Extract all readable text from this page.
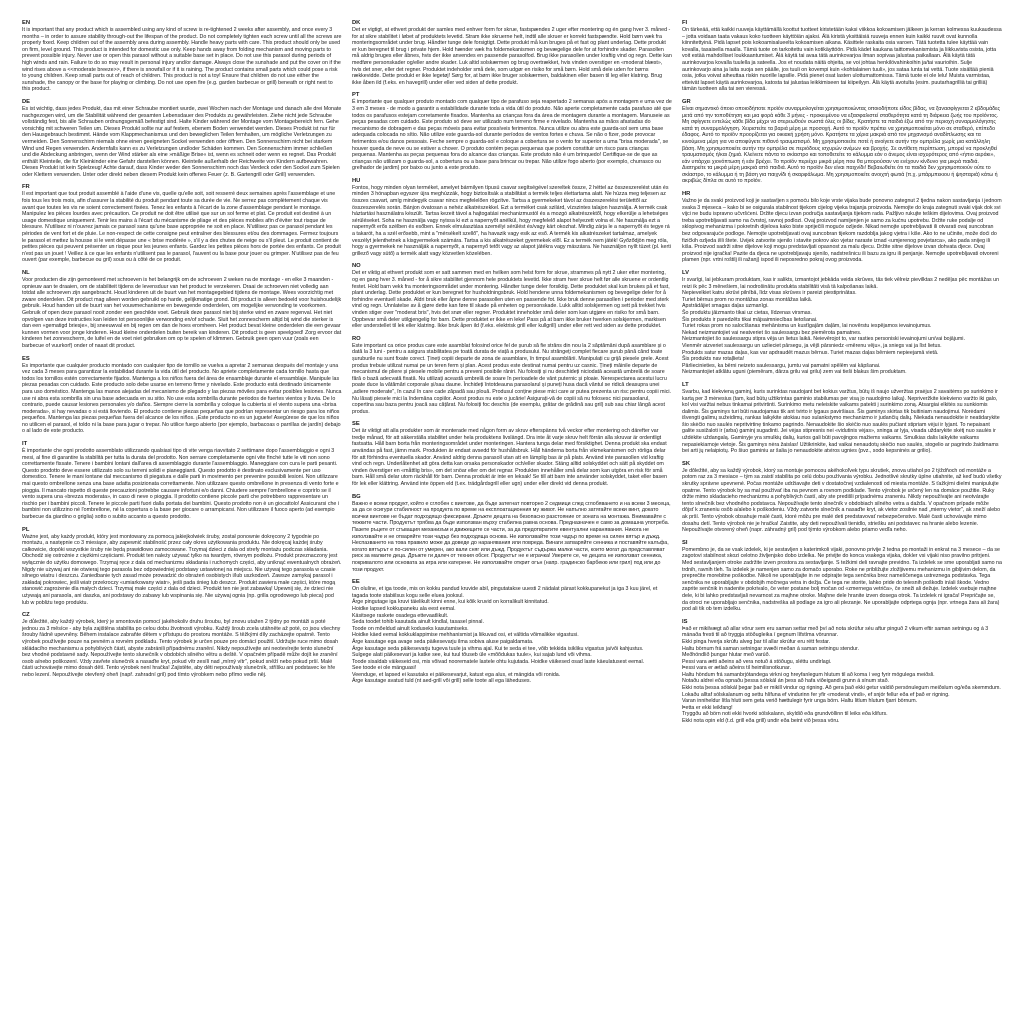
EN
It is important that any product which is assembled using any kind of screw is re-tightened 2 weeks after assembly, and once every 3 months – in order to assure stability through-out the lifespan of the product. Do not completely tighten each screw until all the screws are properly fixed. Keep children out of the assembly area during assembly. Handle heavy parts with care. This product should only be used on firm, level ground. This product is intended for domestic use only. Keep hands away from folding mechanism and moving parts to prevent possible injury. Never use or open this parasol without a suitable base set in place. Do not use this parasol during periods of high winds and rain. Failure to do so may result in personal injury and/or damage. Always close the sunshade and put the cover on if the wind rises above a <<moderate breeze>>, if there is snowfall or if it is raining. The product contains small parts which could pose a risk to young children. Keep small parts out of reach of children. This product is not a toy! Ensure that children do not use either the sunshade, the canopy or the base for playing or climbing. Do not use open fire (e.g. garden barbecue or grill) beneath or right next to this product.
DE
Es ist wichtig, dass jedes Produkt, das mit einer Schraube montiert wurde, zwei Wochen nach der Montage und danach alle drei Monate nachgezogen wird, um die Stabilität während der gesamten Lebensdauer des Produkts zu gewährleisten. Ziehe nicht jede Schraube vollständig fest, bis alle Schrauben ordnungsgemäß befestigt sind. Halte Kinder während der Montage vom Montagebereich fern. Gehe vorsichtig mit schweren Teilen um. Dieses Produkt sollte nur auf festem, ebenem Boden verwendet werden. Dieses Produkt ist nur für den Hausgebrauch bestimmt. Hände vom Klappmechanismus und den beweglichen Teilen fernhalten, um mögliche Verletzungen zu vermeiden. Den Sonnenschirm niemals ohne einen geeigneten Sockel verwenden oder öffnen. Den Sonnenschirm nicht bei starkem Wind und Regen verwenden. Andernfalls kann es zu Verletzungen und/oder Schäden kommen. Den Sonnenschirm immer schließen und die Abdeckung anbringen, wenn der Wind stärker als eine »mäßige Brise« ist, wenn es schneit oder wenn es regnet. Das Produkt enthält Kleinteile, die für Kleinkinder eine Gefahr darstellen können. Kleinteile außerhalb der Reichweite von Kindern aufbewahren. Dieses Produkt ist kein Spielzeug! Achte darauf, dass Kinder weder den Sonnenschirm noch das Verdeck oder den Sockel zum Spielen oder Klettern verwenden. Unter oder direkt neben diesem Produkt kein offenes Feuer (z. B. Gartengrill oder Grill) verwenden.
FR
Il est important que tout produit assemblé à l'aide d'une vis, quelle qu'elle soit, soit resserré deux semaines après l'assemblage et une fois tous les trois mois, afin d'assurer la stabilité du produit pendant toute sa durée de vie. Ne serrez pas complètement chaque vis avant que toutes les vis ne soient correctement fixées. Tenez les enfants à l'écart de la zone d'assemblage pendant le montage. Manipulez les pièces lourdes avec précaution. Ce produit ne doit être utilisé que sur un sol ferme et plat. Ce produit est destiné à un usage domestique uniquement. Tenir les mains à l'écart du mécanisme de pliage et des pièces mobiles afin d'éviter tout risque de blessure. N'utilisez ni n'ouvrez jamais ce parasol sans qu'une base appropriée ne soit en place. N'utilisez pas ce parasol pendant les périodes de vent fort et de pluie. Le non-respect de cette consigne peut entraîner des blessures et/ou des dommages. Fermez toujours le parasol et mettez la housse si le vent dépasse une « brise modérée », s'il y a des chutes de neige ou s'il pleut. Le produit contient de petites pièces qui peuvent présenter un risque pour les jeunes enfants. Gardez les petites pièces hors de portée des enfants. Ce produit n'est pas un jouet ! Veillez à ce que les enfants n'utilisent pas le parasol, l'auvent ou la base pour jouer ou grimper. N'utilisez pas de feu ouvert (par exemple, barbecue ou gril) sous ou à côté de ce produit.
NL
Voor producten die zijn gemonteerd met schroeven is het belangrijk om de schroeven 2 weken na de montage - en elke 3 maanden - opnieuw aan te draaien, om de stabiliteit tijdens de levensduur van het product te verzekeren. Draai de schroeven niet volledig aan totdat alle schroeven zijn aangebracht. Houd kinderen uit de buurt van het montagegebied tijdens de montage. Wees voorzichtig met zware onderdelen. Dit product mag alleen worden gebruikt op harde, gelijkmatige grond. Dit product is alleen bedoeld voor huishoudelijk gebruik. Houd handen uit de buurt van het vouwmechanisme en bewegende onderdelen, om mogelijke verwonding te voorkomen. Gebruik of open deze parasol nooit zonder een geschikte voet. Gebruik deze parasol niet bij sterke wind en zware regenval. Het niet opvolgen van deze instructies kan leiden tot persoonlijke verwonding en/of schade. Sluit het zonnescherm altijd bij wind die sterker is dan een «gematigd briesje», bij sneeuwval en bij regen om dan de hoes eromheen. Het product bevat kleine onderdelen die een gevaar kunnen vormen voor jonge kinderen. Houd kleine onderdelen buiten bereik van kinderen. Dit product is geen speelgoed! Zorg ervoor dat kinderen het zonnescherm, de luifel en de voet niet gebruiken om op te spelen of klimmen. Gebruik geen open vuur (zoals een barbecue of vuurkorf) onder of naast dit product.
ES
Es importante que cualquier producto montado con cualquier tipo de tornillo se vuelva a apretar 2 semanas después del montaje y una vez cada 3 meses para garantizar la estabilidad durante la vida útil del producto. No apriete completamente cada tornillo hasta que todos los tornillos estén correctamente fijados. Mantenga a los niños fuera del área de ensamblaje durante el ensamblaje. Manipule las piezas pesadas con cuidado. Este producto solo debe usarse en terreno firme y nivelado. Este producto está destinado únicamente para uso doméstico. Mantenga las manos alejadas del mecanismo de plegado y las piezas móviles para evitar posibles lesiones. Nunca use ni abra esta sombrilla sin una base adecuada en su sitio. No use esta sombrilla durante periodos de fuertes vientos y lluvia. De lo contrario, puede causar lesiones personales y/o daños. Siempre cierre la sombrilla y coloque la cubierta si el viento supera una «brisa moderada», si hay nevadas o si está lloviendo. El producto contiene piezas pequeñas que podrían representar un riesgo para los niños pequeños. Mantenga las piezas pequeñas fuera del alcance de los niños. ¡Este producto no es un juguete! Asegúrese de que los niños no utilicen el parasol, el toldo ni la base para jugar o trepar. No utilice fuego abierto (por ejemplo, barbacoas o parrillas de jardín) debajo o al lado de este producto.
IT
È importante che ogni prodotto assemblato utilizzando qualsiasi tipo di vite venga riavvitato 2 settimane dopo l'assemblaggio e ogni 3 mesi, al fine di garantire la stabilità per tutta la durata del prodotto. Non serrare completamente ogni vite finché tutte le viti non sono correttamente fissate. Tenere i bambini lontani dall'area di assemblaggio durante l'assemblaggio. Maneggiare con cura le parti pesanti. Questo prodotto deve essere utilizzato solo su terreni solidi e pianeggianti. Questo prodotto è destinato esclusivamente per uso domestico. Tenere le mani lontane dal meccanismo di piegatura e dalle parti in movimento per prevenire possibili lesioni. Non utilizzare mai questo ombrellone senza una base adatta posizionata correttamente. Non utilizzare questo ombrellone in presenza di vento forte e pioggia. Il mancato rispetto di queste precauzioni potrebbe causare infortuni e/o danni. Chiudere sempre l'ombrellone e coprirlo se il vento supera una «brezza moderata», in caso di neve o pioggia. Il prodotto contiene piccole parti che potrebbero rappresentare un rischio per i bambini piccoli. Tenere le piccole parti fuori dalla portata dei bambini. Questo prodotto non è un giocattolo! Assicurarsi che i bambini non utilizzino né l'ombrellone, né la copertura o la base per giocare o arrampicarsi. Non utilizzare il fuoco aperto (ad esempio barbecue da giardino o griglia) sotto o subito accanto a questo prodotto.
PL
Ważne jest, aby każdy produkt, który jest montowany za pomocą jakiejkolwiek śruby, został ponownie dokręcony 2 tygodnie po montażu, a następnie co 3 miesiące, aby zapewnić stabilność przez cały okres użytkowania produktu. Nie dokręcaj każdej śruby całkowicie, dopóki wszystkie śruby nie będą prawidłowo zamocowane. Trzymaj dzieci z dala od strefy montażu podczas składania. Obchodź się ostrożnie z ciężkimi częściami. Produkt ten należy używać tylko na twardym, równym podłożu. Produkt przeznaczony jest wyłącznie do użytku domowego. Trzymaj ręce z dala od mechanizmu składania i ruchomych części, aby uniknąć ewentualnych obrażeń. Nigdy nie używaj ani nie otwieraj tego parasola bez odpowiedniej podstawy ustawionej na miejscu. Nie używaj tego parasola w czasie silnego wiatru i deszczu. Zaniedbanie tych zasad może prowadzić do obrażeń osobistych i/lub uszkodzeń. Zawsze zamykaj parasol i zakładaj pokrowiec, jeśli wiatr przekroczy «umiarkowany wiatr», jeśli pada śnieg lub deszcz. Produkt zawiera małe części, które mogą stanowić zagrożenie dla małych dzieci. Trzymaj małe części z dala od dzieci. Produkt ten nie jest zabawką! Upewnij się, że dzieci nie używają ani parasola, ani daszka, ani podstawy do zabawy lub wspinania się. Nie używaj ognia (np. grilla ogrodowego lub pieca) pod lub w pobliżu tego produktu.
CZ
Je důležité, aby každý výrobek, který je smontován pomocí jakéhokoliv druhu šroubu, byl znovu utažen 2 týdny po montáži a poté jednou za 3 měsíce - aby byla zajištěna stabilita po celou dobu životnosti výrobku. Každý šroub zcela utáhněte až poté, co jsou všechny šrouby řádně upevněny. Během instalace zabraňte dětem v přístupu do prostoru montáže. S těžkými díly zacházejte opatrně. Tento výrobek používejte pouze na pevném a rovném podkladu. Tento výrobek je určen pouze pro domácí použití. Udržujte ruce mimo dosah skládacího mechanismu a pohyblivých částí, abyste zabránili případnému zranění. Nikdy nepoužívejte ani neotevírejte tento sluneční bez vhodné podstavné sady. Nepoužívejte tento slunečník v obdobích silného větru a deště. V opačném případě může dojít ke zranění osob a/nebo poškození. Vždy zavřete slunečník a nasaďte kryt, pokud vítr zesílí nad „mírný vítr", pokud sněží nebo pokud prší. Malé části uchovávejte mimo dosah dětí. Tento výrobek není hračka! Zajistěte, aby děti nepoužívaly slunečník, stříšku ani podstavec ke hře nebo lezení. Nepoužívejte otevřený oheň (např. zahradní gril) pod tímto výrobkem nebo přímo vedle něj.
DK
Det er vigtigt, at ethvert produkt der samles med enhver form for skrue, fastspændes 2 uger efter montering og én gang hver 3. måned - for at sikre stabilitet i løbet af produktets levetid. Stram ikke skruerne helt, indtil alle skruer er korrekt fastspændte. Hold børn væk fra monteringsområdet under brug. Håndter tunge dele forsigtigt. Dette produkt må kun bruges på et fast og plant underlag. Dette produkt er kun beregnet til brug i private hjem. Hold hænder væk fra foldemekanismen og bevægelige dele for at forhindre skader. Parasollen må aldrig bruges eller åbnes, hvis der ikke anvendes en passende parasolfod. Brug ikke parasollen under kraftig vind og regn. Dette kan medføre personskader og/eller andre skader. Luk altid solskærmen og brug overtrækket, hvis vinden overstiger en «moderat blæst», hvis det sner, eller det regner. Produktet indeholder små dele, som udgør en risiko for små børn. Hold små dele uden for børns rækkevidde. Dette produkt er ikke legetøj! Sørg for, at børn ikke bruger solskærmen, baldakinen eller basen til leg eller klatring. Brug ikke åben ild (f.eks. en havegrill) under eller ved siden af dette produkt.
PT
É importante que qualquer produto montado com qualquer tipo de parafuso seja reapertado 2 semanas após a montagem e uma vez de 3 em 3 meses - de modo a garantir a estabilidade durante toda a vida útil do produto. Não aperte completamente cada parafuso até que todos os parafusos estejam corretamente fixados. Mantenha as crianças fora da área de montagem durante a montagem. Manuseie as peças pesadas com cuidado. Este produto só deve ser utilizado num terreno firme e nivelado. Mantenha as mãos afastadas do mecanismo de dobragem e das peças móveis para evitar possíveis ferimentos. Nunca utilize ou abra este guarda-sol sem uma base adequada colocada no sítio. Não utilize este guarda-sol durante períodos de ventos fortes e chuva. Se não o fizer, pode provocar ferimentos e/ou danos pessoais. Feche sempre o guarda-sol e coloque a cobertura se o vento for superior a uma "brisa moderada", se houver queda de neve ou se estiver a chover. O produto contém peças pequenas que podem constituir um risco para crianças pequenas. Mantenha as peças pequenas fora do alcance das crianças. Este produto não é um brinquedo! Certifique-se de que as crianças não utilizam o guarda-sol, a cobertura ou a base para brincar ou trepar. Não utilize fogo aberto (por exemplo, churrasco ou grelhador de jardim) por baixo ou junto a este produto.
HU
Fontos, hogy minden olyan terméket, amelyet bármilyen típusú csavar segítségével szereltek össze, 2 héttel az összeszerelést után és minden 3 hónapban egyszer újra meghúzzák, hogy biztosítsák a stabilitást a termék teljes élettartama alatt. Ne húzza meg teljesen az összes csavart, amíg mindegyik csavar nincs megfelelően rögzítve. Tartsa a gyermekeket távol az összeszerelési területtől az összeszerelés során. Bánjon óvatosan a nehéz alkatrészekkel. Ezt a terméket csak szilárd, vízszintes talajon használja. A termék csak háztartási használatra készült. Tartsa kezeit távol a hajtogatási mechanizmustól és a mozgó alkatrészektől, hogy elkerülje a lehetséges sérüléseket. Soha ne használja vagy nyissa ki ezt a napernyőt anélkül, hogy megfelelő alapot helyezett volna el. Ne használja ezt a napernyőt erős szélben és esőben. Ennek elmulasztása személyi sérülést és/vagy kárt okozhat. Mindig zárja le a napernyőt és tegye rá a takarót, ha a szél erősebb, mint a "mérsékelt szellő", ha havazik vagy esik az eső. A termék kis alkatrészeket tartalmaz, amelyek veszélyt jelenthetnek a kisgyermekek számára. Tartsa a kis alkatrészeket gyermekek elől. Ez a termék nem játék! Győződjön meg róla, hogy a gyermekek ne használják a napernyőt, a napernyő tetőt vagy az alapot játékra vagy mászásra. Ne használjon nyílt tüzet (pl. kerti grillező vagy sütő) a termék alatt vagy közvetlen közelében.
NO
Det er viktig at ethvert produkt som er satt sammen med en hvilken som helst form for skrue, strammes på nytt 2 uker etter montering, og en gang hver 3. måned - for å sikre stabilitet gjennom hele produktets levetid. Ikke stram hver skrue helt før alle skruene er ordentlig festet. Hold barn vekk fra monteringsområdet under montering. Håndter tunge deler forsiktig. Dette produktet skal kun brukes på et fast, plant underlag. Dette produktet er kun beregnet for husholdningsbruk. Hold hendene unna foldemekanismen og bevegelige deler for å forhindre eventuell skade. Aldri bruk eller åpne denne parasollen uten en passende fot. Ikke bruk denne parasollen i perioder med sterk vind og regn. Unnlatelse av å gjøre dette kan føre til skade på enheten og personskade. Lukk alltid solskjermen og sett på trekket hvis vinden stiger over "moderat bris", hvis det snør eller regner. Produktet inneholder små deler som kan utgjøre en risiko for små barn. Oppbevar små deler utilgjengelig for barn. Dette produktet er ikke en leke! Pass på at barn ikke bruker hverken solskjermen, markisen eller understellet til lek eller klatring. Ikke bruk åpen ild (f.eks. elektrisk grill eller kullgrill) under eller rett ved siden av dette produktet.
RO
Este important ca orice produs care este asamblat folosind orice fel de șurub să fie strâns din nou la 2 săptămâni după asamblare și o dată la 3 luni - pentru a asigura stabilitatea pe toată durata de viață a produsului. Nu strângeți complet fiecare șurub până când toate șuruburile nu sunt fixate corect. Țineți copiii departe de zona de asamblare, în timpul asamblării. Manipulați cu grijă piesele grele. Acest produs trebuie utilizat numai pe un teren ferm și plan. Acest produs este destinat numai pentru uz casnic. Țineți mâinile departe de mecanismul de pliere și piesele mobile pentru a preveni posibile răniri. Nu folosiți și nu deschideți niciodată această umbrelă de soare fără o bază adecvată fixată. Nu utilizați această umbrelă de soare în perioadele de vânt puternic și ploaie. Nerespectarea acestui lucru poate duce la vătămări corporale și/sau daune. Închideți întotdeauna parasolarul și puneți husa dacă vântul se ridică deasupra unei „adiere moderate", în cazul în care cade zăpadă sau plouă. Produsul conține piese mici care ar putea prezenta un risc pentru copiii mici. Nu lăsați piesele mici la îndemâna copiilor. Acest produs nu este o jucărie! Asigurați-vă de copiii să nu folosesc nici parasolarul, copertina sau baza pentru joacă sau cățărat. Nu folosiți foc deschis (de exemplu, grătar de grădină sau gril) sub sau chiar lângă acest produs.
SE
Det är viktigt att alla produkter som är monterade med någon form av skruv efterspänns två veckor efter montering och därefter var tredje månad, för att säkerställa stabilitet under hela produktens livslängd. Dra inte åt varje skruv helt förrän alla skruvar är ordentligt fastsatta. Håll barn borta från monteringsområdet under monteringen. Hantera tunga delar med försiktighet. Denna produkt ska endast användas på fast, jämn mark. Produkten är endast avsedd för hushållsbruk. Håll händerna borta från vikmekanismen och rörliga delar för att förhindra eventuella skador. Använd aldrig denna parasoll utan att en lämplig bas är på plats. Använd inte parasollen vid kraftig vind och regn. Underlåtenhet att göra detta kan orsaka personskador och/eller skador. Stäng alltid solskyddet och sätt på skyddet om vinden överstiger en «måttlig bris», om det snöar eller om det regnar. Produkten innehåller små delar som kan utgöra en risk för små barn. Håll små delar utom räckhåll för barn. Denna produkt är inte en leksak! Se till att barn inte använder solskyddet, taket eller basen för lek eller klättring. Använd inte öppen eld (t.ex. trädgårdsgrill eller ugn) under eller direkt vid denna produkt.
BG
Важно е всеки продукт, който е сглобен с винтове, да бъде затегнат повторно 2 седмици след сглобяването и на всеки 3 месеца, за да се осигури стабилност на продукта по време на експлоатационния му живот. Не напълно затягайте всеки винт, докато всички винтове не бъдат подходящо фиксирани. Дръжте децата на безопасно разстояние от зоната на монтажа. Внимавайте с тежките части. Продуктът трябва да бъде използван върху стабилна равна основа. Предназначен е само за домашна употреба. Пазете ръцете от сгъващия механизъм и движещите се части, за да предотвратите евентуални наранявания. Никога не използвайте и не отваряйте този чадър без подходяща основа. Не използвайте този чадър по време на силен вятър и дъжд. Неспазването на това правило може да доведе до наранявания или повреда. Винаги затваряйте сенника и поставяйте калъфа, когато вятърът е по-силен от умерен, ако вали сняг или дъжд. Продуктът съдържа малки части, които могат да представляват риск за малките деца. Дръжте ги далеч от техния обсег. Продуктът не е играчка! Уверете се, че децата не използват сенника, покривалото или основата за игра или катерене. Не използвайте открит огън (напр. градинско барбекю или грил) под или до този продукт.
EE
On oluline, et iga toode, mis on kokku pandud kruvide abil, pingutatakse uuesti 2 nädalat pärast kokkupanekut ja iga 3 kuu järel, et tagada toote stabiilsus kogu selle eluea jooksul.
Ärge pingutage iga kruvi täielikult kinni enne, kui kõik kruvid on korralikult kinnitatud.
Hoidke lapsed kokkupaneku ala eest eemal.
Käsitsege raskete osadega ettevaatlikult.
Seda toodet tohib kasutada ainult kindlal, tasasel pinnal.
Toode on mõeldud ainult koduseks kasutamiseks.
Hoidke käed eemal kokkuklappimise mehhanismist ja liikuvad osi, et vältida võimalikke vigastusi.
Ärge kasutage ega avage seda päikesevarju ilma sobiva aluse paigaldamata.
Ärge kasutage seda päikesevarju tugeva tuule ja vihma ajal. Kui te seda ei tee, võib tekkida isikliku vigastus ja/või kahjustus.
Sulgege alati päikesevari ja katke see, kui tuul tõuseb üle «mõõdukas tuule», kui sajab lund või vihma.
Toode sisaldab väikeseid osi, mis võivad noorematele lastele ohtu kujutada. Hoidke väikesed osad laste käeulatusest eemal.
See toode ei ole mänguasi!
Veenduge, et lapsed ei kasutaks ei päikesevarjut, katust ega alus, et mängida või ronida.
Ärge kasutage avatud tuld (nt aed-grill või grill) selle toote all ega läheduses.
FI
On tärkeää, että kaikki ruuveja käyttämällä koottut tuotteet kiristetään kaksi viikkoa kokoamisen jälkeen ja kerran kolmessa kuukaudessa – jotta voidaan taata vakaus koko tuotteen käyttöiän ajaksi. Älä kiristä yksittäisiä ruuveja ennen kuin kaikki ruuvit ovat kunnolla kiinnitettyinä. Pidä lapset pois kokoamisalueelta kokoamisen aikana. Käsittele raskaita osia varoen. Tätä tuotetta tulee käyttää vain kovalla, tasaisella maalla. Tämä tuote on tarkoitettu vain kotikäyttöön. Pidä kädet kaukana taittomekanismista ja liikkuvista osista, jotta voit estää mahdolliset loukkaantumiset. Älä käytä tai avaa tätä aurinkovarjoa ilman sopivaa jalustaa paikallaan. Älä käytä tätä aurinkovarjoa kovalla tuulella ja sateella. Jos et noudata näitä ohjeita, se voi johtaa henkilövahinkoihin ja/tai vaurioihin. Sulje aurinkovarjo aina ja laita suoja sen päälle, jos tuuli on kovempi kuin «kohtalainen tuuli», jos sataa lunta tai vettä. Tuote sisältää pieniä osia, jotka voivat aiheuttaa riskin nuorille lapsille. Pidä pienet osat lasten ulottumattomissa. Tämä tuote ei ole lelu! Muista varmistaa, etteivät lapset käytä aurinkovarjoa, katosta tai jalustaa leikkimiseen tai kiipeilyyn. Älä käytä avotulta (esim. puutarhagrilliä tai grilliä) tämän tuotteen alla tai sen vieressä.
GR
Είναι σημαντικό όποιο οποιοδήποτε προϊόν συναρμολογείται χρησιμοποιώντας οποιοδήποτε είδος βίδας, να ξανασφίγγεται 2 εβδομάδες μετά από την τοποθέτηση και μια φορά κάθε 3 μήνες - προκειμένου να εξασφαλιστεί σταθερότητα κατά τη διάρκεια ζωής του προϊόντος. Μη σφίγγετε εντελώς κάθε βίδα μέχρι να στερεωθούν σωστά όλες οι βίδες. Κρατήστε τα παιδιά έξω από την περιοχή συναρμολόγησης κατά τη συναρμολόγηση. Χειριστείτε τα βαριά μέρη με προσοχή. Αυτό το προϊόν πρέπει να χρησιμοποιείται μόνο σε σταθερό, επίπεδο έδαφος. Αυτό το προϊόν προορίζεται για οικιακή χρήση μόνο. Κρατήστε τα χέρια μακριά από τον μηχανισμό αναδίπλωσης και τα κινούμενα μέρη για να αποφύγετε πιθανό τραυματισμό. Μη χρησιμοποιείτε ποτέ ή ανοίγετε αυτήν την ομπρέλα χωρίς μια κατάλληλη βάση. Μη χρησιμοποιείτε αυτήν την ομπρέλα σε περιόδους ισχυρών ανέμων και βροχής. Σε αντίθετη περίπτωση, μπορεί να προκληθεί τραυματισμός ή/και ζημιά. Κλείνετε πάντα το σκίαστρο και τοποθετείτε το κάλυμμα εάν ο άνεμος είναι ισχυρότερος από «ήπιο αεράκι», εάν υπάρχει χιονόπτωση ή εάν βρέχει. Το προϊόν περιέχει μικρά μέρη που θα μπορούσαν να ενέχουν κίνδυνο για μικρά παιδιά. Διατηρείτε τα μικρά μέρη μακριά από παιδιά. Αυτό το προϊόν δεν είναι παιχνίδι! Βεβαιωθείτε ότι τα παιδιά δεν χρησιμοποιούν ούτε το σκίαστρο, το κάλυμμα ή τη βάση για παιχνίδι ή σκαρφάλωμα. Μη χρησιμοποιείτε ανοιχτή φωτιά (π.χ. μπάρμπεκιου ή ψησταριά) κάτω ή ακριβώς δίπλα σε αυτό το προϊόν.
HR
Važno je da svaki proizvod koji je sastavljen s pomoću bilo koje vrste vijaka bude ponovno zategnut 2 tjedna nakon sastavljanja i jednom svaka 3 mjeseca – kako bi se osigurala stabilnost tijekom cijelog vijeka trajanja proizvoda. Nemojte do kraja zategnuti svaki vijak dok svi vijci ne budu ispravno učvršćeni. Držite djecu izvan područja sastavljanja tijekom rada. Pažljivo rukujte teškim dijelovima. Ovaj proizvod treba upotrebljavati samo na čvrstoj, ravnoj podlozi. Ovaj proizvod namijenjen je samo za kućnu upotrebu. Držite ruke podalje od sklopivog mehanizma i pokretnih dijelova kako biste spriječili moguće ozljede. Nikad nemojte upotrebljavati ili otvarati ovaj suncobran bez odgovarajuće podloge. Nemojte upotrebljavati ovaj suncobran tijekom razdoblja jakog vjetra i kiše. Ako to ne učinite, može doći do fizičkih ozljeda i/ili štete. Uvijek zatvorite sjenilo i stavite pokrov ako vjetar naraste iznad «umjerenog povjetarca», ako pada snijeg ili kiša. Proizvod sadrži sitne dijelove koji mogu predstavljati opasnost za malu djecu. Držite sitne dijelove izvan dohvata djece. Ovaj proizvod nije igračka! Pazite da djeca ne upotrebljavaju sjenilo, nadstrešnicu ili bazu za igru ili penjanje. Nemojte upotrebljavati otvoreni plamen (npr. vrtni roštilj ili ražanj) ispod ili neposredno pokraj ovog proizvoda.
LV
Ir svarīgi, lai jebkuram produktam, kas ir salikts, izmantojot jebkāda veida skrūves, tās tiek vēlreiz pievilktas 2 nedēļas pēc montāžas un reizi ik pēc 3 mēnešiem, lai nodrošinātu produkta stabilitāti visā tā kalpošanas laikā.
Nepievelkiet katru skrūvi pilnībā, līdz visas skrūves ir pareizi piestiprinātas.
Turiet bērnus prom no montāžas zonas montāžas laikā.
Apstrādājiet smagas daļas uzmanīgi.
Šo produktu jāizmanto tikai uz cietas, līdzenas virsmas.
Šis produkts ir paredzēts tikai mājsaimniecības lietošanai.
Turiet rokas prom no salocīšanas mehānisma un kustīgajām daļām, lai novērstu iespējamos ievainojumus.
Nekad neizmantojiet vai neatveriet šo saulessargu bez piemērota pamatnes.
Neizmantojiet šo saulessargu stipra vēja un lietus laikā. Neievērojot to, var rasties personiski ievainojumi un/vai bojājumi.
Vienmēr aizveriet saulessargu un uzlieciet pārsegu, ja vējš pārsniedz «mērenu vēju», ja sniegs vai ja līst lietus.
Produkts satur mazas daļas, kas var apdraudēt mazus bērnus. Turiet mazas daļas bērniem nepieejamā vietā.
Šis produkts nav rotaļlieta!
Pārliecinieties, ka bērni neizeto saulessargu, jumtu vai pamatni spēlēm vai kāpšanai.
Neizmantojiet atklātu uguni (piemēram, dārza grilu vai grilu) zem vai tieši blakus šim produktam.
LT
Svarbu, kad kiekvieną gaminį, kuris surinktas naudojant bet kokius varžtus, būtų iš naujo užveržtas praėjus 2 savaitėms po surinkimo ir kartą per 3 mėnesius (tam, kad būtų užtikrintas gaminio stabilumas per visą jo naudojimo laiką). Nepriveržkite kiekvieno varžto iki galo, kol visi varžtai nebus tinkamai pritvirtinti. Surinkimo metu neleiskite vaikams patekti į surinkimo zoną. Atsargiai elkitės su sunkiomis dalimis. Šis gaminys turi būti naudojamas tik ant tvirto ir lygaus paviršiaus. Šis gaminys skirtas tik buitiniam naudojimui. Norėdami išvengti galimų sužeidimų, rankas laikykite atokiau nuo sulankstymo mechanizmo ir judančių dalių. Niekada nenaudokite ir neatidarykite šio skėčio nuo saulės nepritvirtinę tinkamo pagrindo. Nenaudokite šio skėčio nuo saulės pučiant stipriam vėjui ir lyjant. To nepaisant galite susižaloti ir (arba) gaminį sugadinti. Jei vėjas stipresnis nei «vidutinis vėjas», sninga ar lyja, visada uždarykite skėtį nuo saulės ir uždėkite uždangalą. Gaminyje yra smulkių dalių, kurios gali būti pavojingos mažiems vaikams. Smulkias dalis laikykite vaikams nepasiekiamoje vietoje. Šis gaminys nėra žaislas! Užtikrinkite, kad vaikai nenaudotų skėčio nuo saulės, stogelio ar pagrindo žaidimams bei arti jų nelaipiotų. Po šiuo gaminiu ar šalia jo nenaudokite atviros ugnies (pvz., sodo kepsninės ar grilio).
SK
Je dôležité, aby sa každý výrobok, ktorý sa montuje pomocou akéhokoľvek typu skrutiek, znova utiahol po 2 týždňoch od montáže a potom raz za 3 mesiace – tým sa zaistí stabilita po celú dobu používania výrobku. Jednotlivé skrutky úplne utiahnite, až keď budú všetky skrutky správne upevnené. Počas montáže udržiavajte deti v dostatočnej vzdialenosti od miesta montáže. S ťažkými dielmi manipulujte opatrne. Tento výrobok by sa mal používať iba na pevnom a rovnom podklade. Tento výrobok je určený len na domáce použitie. Ruky držte mimo skladacieho mechanizmu a pohyblivých častí, aby ste predišli prípadnému zraneniu. Nikdy nepoužívajte ani neotvárajte tento slnečník bez vhodného podstavca. Nepoužívajte tento slnečník v obdobiach silného vetra a dažďa. V opačnom prípade môže dôjsť k zraneniu osôb a/alebo k poškodeniu. Vždy zatvorte slnečník a nasaďte kryt, ak vietor zosilnie nad „mierny vietor", ak sneží alebo ak prší. Tento výrobok obsahuje malé časti, ktoré môžu pre malé deti predstavovať nebezpečenstvo. Malé časti uchovávajte mimo dosahu detí. Tento výrobok nie je hračka! Zaistite, aby deti nepoužívali tienidlo, striešku ani podstavec na hranie alebo lezenie. Nepoužívajte otvorený oheň (napr. záhradný gril) pod týmto výrobkom alebo priamo vedľa neho.
SI
Pomembno je, da se vsak izdelek, ki je sestavljen s katerimkoli vijaki, ponovno privije 2 tedna po montaži in enkrat na 3 mesece – da se zagotovi stabilnost skozi celotno življenjsko dobo izdelka. Ne privijte do konca vsakega vijaka, dokler vsi vijaki niso pravilno pritrjeni. Med sestavljanjem otroke zadržite izven prostora za sestavljanje. S težkimi deli ravnajte previdno. Ta izdelek se sme uporabljati samo na trdnih, ravnih tleh. Ta izdelek je namenjen samo za domačo uporabo. Roke ne približujte zložljivemu mehanizmu in gibljivim delom, da preprečite morebitne poškodbe. Nikoli ne uporabljajte in ne odpirajte tega senčnika brez nameščenega ustreznega podstavka. Tega senčnika ne uporabljajte v obdobjih močnega vetra in dežja. Če tega ne storite, lahko pride do telesnih poškodb in/ali škode. Vedno zaprite senčnik in nadenite pokrivalo, če veter postane bolj močan od «zmernega vetriča», če sneži ali dežuje. Izdelek vsebuje majhne dele, ki bi lahko predstavljali nevarnost za majhne otroke. Majhne dele hranite izven dosega otrok. Ta izdelek ni igrača! Prepričajte se, da otroci ne uporabljajo senčnika, nadstreška ali podlage za igro ali plezanje. Ne uporabljajte odprtega ognja (npr. vrtnega žara ali žara) pod ali tik ob tem izdelku.
IS
Það er mikilvægt að allar vörur sem eru saman settar með því að nota skrúfur séu aftur pinguð 2 vikum eftir saman setningu og á 3 mánaða fresti til að tryggja stöðugleika í gegnum lífstíma vörunnar.
Ekki pinga hverja skrúfu alveg þar til allar skrúfur eru rétt festar.
Haltu börnum frá saman setningar svæði meðan á saman setningu stendur.
Meðhöndlið þungar hlutar með varúð.
Pessi vara ætti aðeins að vera notuð á stöðugu, sléttu undirlagi.
Þessi vara er ætlað aðeins til heimilisnotkunar.
Haltu höndum frá samanbrjótandega virkni og hreyfanlegum hlutum til að koma í veg fyrir mögulega meiðsli.
Notaðu aldrei eða opnaðu þessa sólskál án þess að hafa viðeigandi grunn á sínum stað.
Ekki nota þessa sólskál þegar það er mikill vindur og rigning. Að gera það ekki getur valdið persónulegum meiðslum og/eða skemmdum.
Lokaðu alltaf sólskalanum og settu hlífuna ef vindurinn fer yfir «moderat vindi», ef snjór fellur eða ef það er rigning.
Varan inniheldur lítla hluti sem geta verið hættulegir fyrir unga börn. Haltu litlum hlutum fjarri börnum.
Þetta er ekki leikfang!
Tryggðu að börn noti ekki hvorki sólskalann, skyldið eða grundvöllinn til leiks eða klifurs.
Ekki nota opin eld (t.d. grill eða grill) undir eða beint við þessa vöru.
